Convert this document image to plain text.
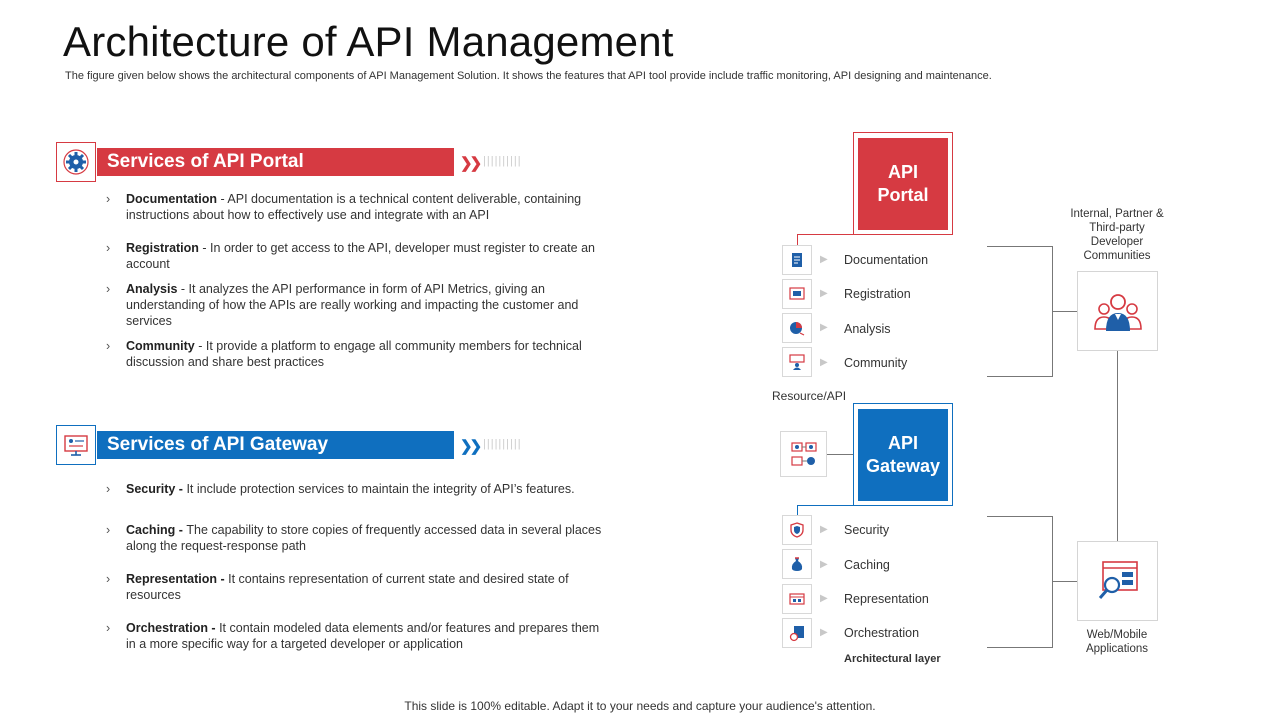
Architecture of API Management
The figure given below shows the architectural components of API Management Solution. It shows the features that API tool provide include traffic monitoring, API designing and maintenance.
Services of API Portal	❯❯ ||||||||||
› Documentation - API documentation is a technical content deliverable, containing instructions about how to effectively use and integrate with an API
› Registration - In order to get access to the API, developer must register to create an account
› Analysis - It analyzes the API performance in form of API Metrics, giving an understanding of how the APIs are really working and impacting the customer and services
› Community - It provide a platform to engage all community members for technical discussion and share best practices
Services of API Gateway	❯❯ ||||||||||
› Security - It include protection services to maintain the integrity of API’s features.
› Caching - The capability to store copies of frequently accessed data in several places along the request-response path
› Representation - It contains representation of current state and desired state of resources
› Orchestration - It contain modeled data elements and/or features and prepares them in a more specific way for a targeted developer or application
API Portal
▶ Documentation
▶ Registration
▶ Analysis
▶ Community
Resource/API
API Gateway
▶ Security
▶ Caching
▶ Representation
▶ Orchestration
Architectural layer
Internal, Partner & Third-party Developer Communities
Web/Mobile Applications
This slide is 100% editable. Adapt it to your needs and capture your audience's attention.
